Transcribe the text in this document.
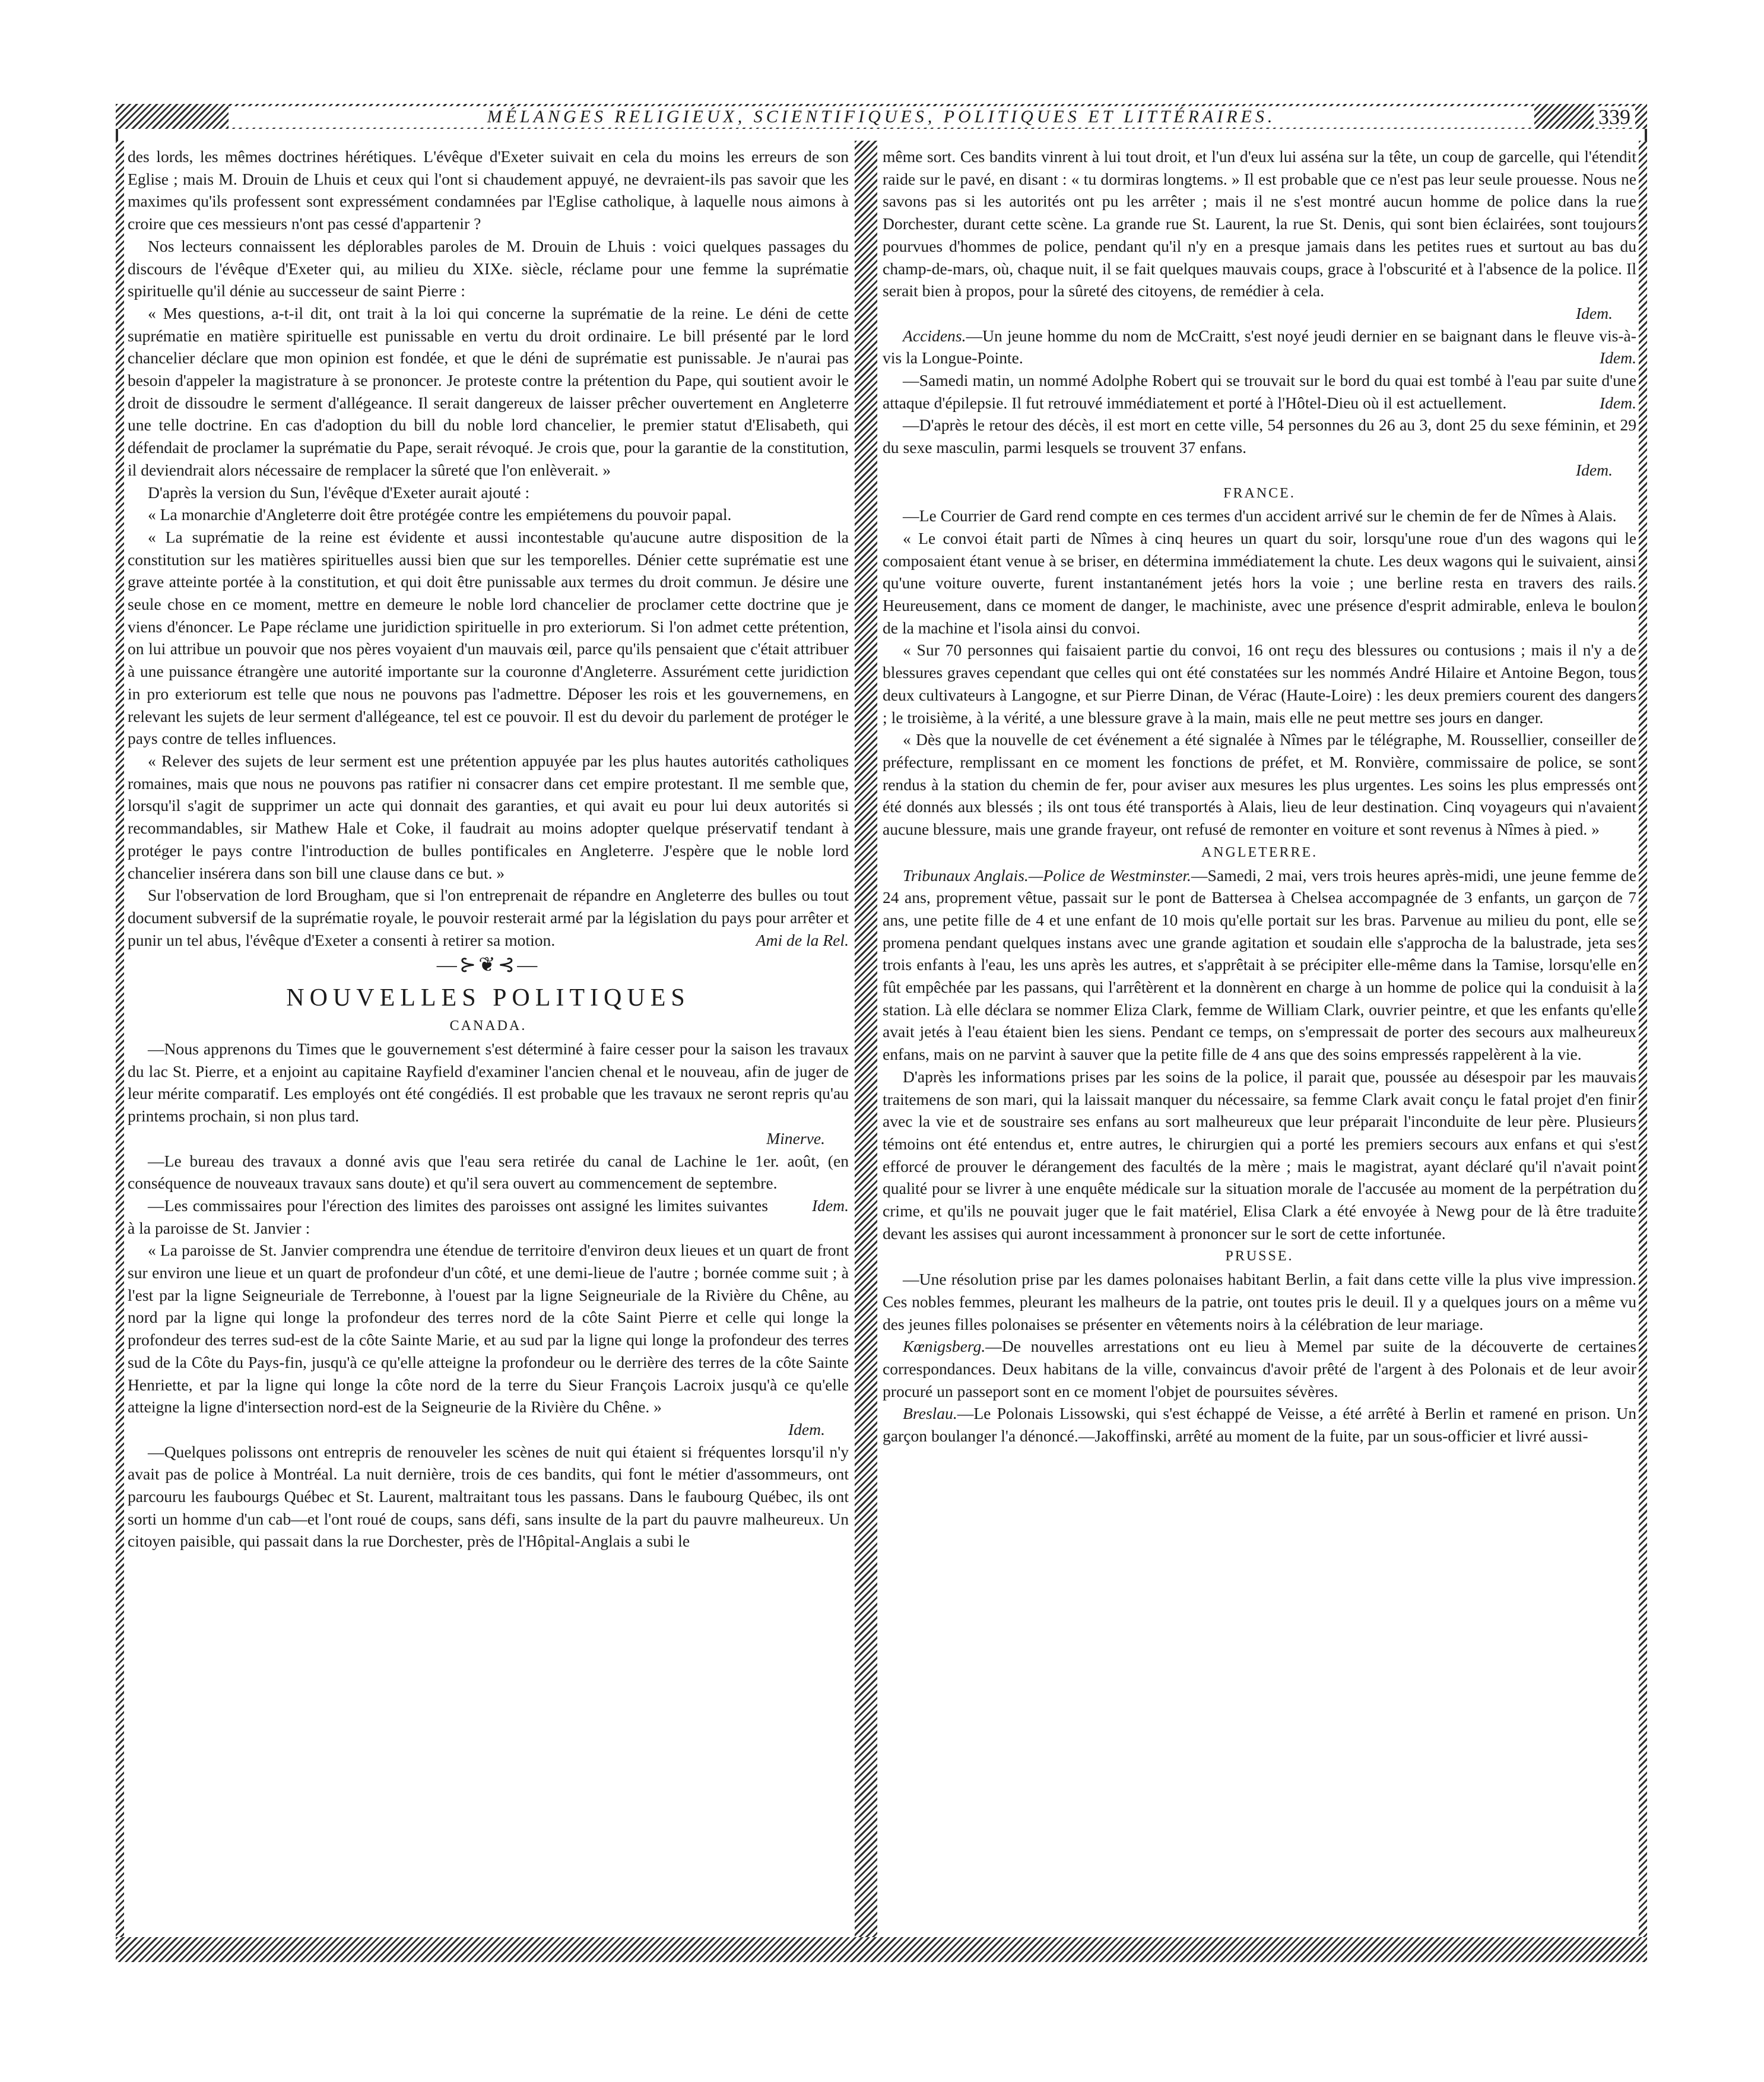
MÉLANGES RELIGIEUX, SCIENTIFIQUES, POLITIQUES ET LITTÉRAIRES.	339

des lords, les mêmes doctrines hérétiques. L'évêque d'Exeter suivait en cela du moins les erreurs de son Eglise ; mais M. Drouin de Lhuis et ceux qui l'ont si chaudement appuyé, ne devraient-ils pas savoir que les maximes qu'ils professent sont expressément condamnées par l'Eglise catholique, à laquelle nous aimons à croire que ces messieurs n'ont pas cessé d'appartenir ?

Nos lecteurs connaissent les déplorables paroles de M. Drouin de Lhuis : voici quelques passages du discours de l'évêque d'Exeter qui, au milieu du XIXe. siècle, réclame pour une femme la suprématie spirituelle qu'il dénie au successeur de saint Pierre :

« Mes questions, a-t-il dit, ont trait à la loi qui concerne la suprématie de la reine. Le déni de cette suprématie en matière spirituelle est punissable en vertu du droit ordinaire. Le bill présenté par le lord chancelier déclare que mon opinion est fondée, et que le déni de suprématie est punissable. Je n'aurai pas besoin d'appeler la magistrature à se prononcer. Je proteste contre la prétention du Pape, qui soutient avoir le droit de dissoudre le serment d'allégeance. Il serait dangereux de laisser prêcher ouvertement en Angleterre une telle doctrine. En cas d'adoption du bill du noble lord chancelier, le premier statut d'Elisabeth, qui défendait de proclamer la suprématie du Pape, serait révoqué. Je crois que, pour la garantie de la constitution, il deviendrait alors nécessaire de remplacer la sûreté que l'on enlèverait. »

D'après la version du Sun, l'évêque d'Exeter aurait ajouté :

« La monarchie d'Angleterre doit être protégée contre les empiétemens du pouvoir papal.

« La suprématie de la reine est évidente et aussi incontestable qu'aucune autre disposition de la constitution sur les matières spirituelles aussi bien que sur les temporelles. Dénier cette suprématie est une grave atteinte portée à la constitution, et qui doit être punissable aux termes du droit commun. Je désire une seule chose en ce moment, mettre en demeure le noble lord chancelier de proclamer cette doctrine que je viens d'énoncer. Le Pape réclame une juridiction spirituelle in pro exteriorum. Si l'on admet cette prétention, on lui attribue un pouvoir que nos pères voyaient d'un mauvais œil, parce qu'ils pensaient que c'était attribuer à une puissance étrangère une autorité importante sur la couronne d'Angleterre. Assurément cette juridiction in pro exteriorum est telle que nous ne pouvons pas l'admettre. Déposer les rois et les gouvernemens, en relevant les sujets de leur serment d'allégeance, tel est ce pouvoir. Il est du devoir du parlement de protéger le pays contre de telles influences.

« Relever des sujets de leur serment est une prétention appuyée par les plus hautes autorités catholiques romaines, mais que nous ne pouvons pas ratifier ni consacrer dans cet empire protestant. Il me semble que, lorsqu'il s'agit de supprimer un acte qui donnait des garanties, et qui avait eu pour lui deux autorités si recommandables, sir Mathew Hale et Coke, il faudrait au moins adopter quelque préservatif tendant à protéger le pays contre l'introduction de bulles pontificales en Angleterre. J'espère que le noble lord chancelier insérera dans son bill une clause dans ce but. »

Sur l'observation de lord Brougham, que si l'on entreprenait de répandre en Angleterre des bulles ou tout document subversif de la suprématie royale, le pouvoir resterait armé par la législation du pays pour arrêter et punir un tel abus, l'évêque d'Exeter a consenti à retirer sa motion.	Ami de la Rel.

—⊱❦⊰—
NOUVELLES POLITIQUES
CANADA.

—Nous apprenons du Times que le gouvernement s'est déterminé à faire cesser pour la saison les travaux du lac St. Pierre, et a enjoint au capitaine Rayfield d'examiner l'ancien chenal et le nouveau, afin de juger de leur mérite comparatif. Les employés ont été congédiés. Il est probable que les travaux ne seront repris qu'au printems prochain, si non plus tard.

Minerve.

—Le bureau des travaux a donné avis que l'eau sera retirée du canal de Lachine le 1er. août, (en conséquence de nouveaux travaux sans doute) et qu'il sera ouvert au commencement de septembre.
Idem.

—Les commissaires pour l'érection des limites des paroisses ont assigné les limites suivantes à la paroisse de St. Janvier :

« La paroisse de St. Janvier comprendra une étendue de territoire d'environ deux lieues et un quart de front sur environ une lieue et un quart de profondeur d'un côté, et une demi-lieue de l'autre ; bornée comme suit ; à l'est par la ligne Seigneuriale de Terrebonne, à l'ouest par la ligne Seigneuriale de la Rivière du Chêne, au nord par la ligne qui longe la profondeur des terres nord de la côte Saint Pierre et celle qui longe la profondeur des terres sud-est de la côte Sainte Marie, et au sud par la ligne qui longe la profondeur des terres sud de la Côte du Pays-fin, jusqu'à ce qu'elle atteigne la profondeur ou le derrière des terres de la côte Sainte Henriette, et par la ligne qui longe la côte nord de la terre du Sieur François Lacroix jusqu'à ce qu'elle atteigne la ligne d'intersection nord-est de la Seigneurie de la Rivière du Chêne. »

Idem.

—Quelques polissons ont entrepris de renouveler les scènes de nuit qui étaient si fréquentes lorsqu'il n'y avait pas de police à Montréal. La nuit dernière, trois de ces bandits, qui font le métier d'assommeurs, ont parcouru les faubourgs Québec et St. Laurent, maltraitant tous les passans. Dans le faubourg Québec, ils ont sorti un homme d'un cab—et l'ont roué de coups, sans défi, sans insulte de la part du pauvre malheureux. Un citoyen paisible, qui passait dans la rue Dorchester, près de l'Hôpital-Anglais a subi le

même sort. Ces bandits vinrent à lui tout droit, et l'un d'eux lui asséna sur la tête, un coup de garcelle, qui l'étendit raide sur le pavé, en disant : « tu dormiras longtems. » Il est probable que ce n'est pas leur seule prouesse. Nous ne savons pas si les autorités ont pu les arrêter ; mais il ne s'est montré aucun homme de police dans la rue Dorchester, durant cette scène. La grande rue St. Laurent, la rue St. Denis, qui sont bien éclairées, sont toujours pourvues d'hommes de police, pendant qu'il n'y en a presque jamais dans les petites rues et surtout au bas du champ-de-mars, où, chaque nuit, il se fait quelques mauvais coups, grace à l'obscurité et à l'absence de la police. Il serait bien à propos, pour la sûreté des citoyens, de remédier à cela.

Idem.

Accidens.—Un jeune homme du nom de McCraitt, s'est noyé jeudi dernier en se baignant dans le fleuve vis-à-vis la Longue-Pointe.	Idem.

—Samedi matin, un nommé Adolphe Robert qui se trouvait sur le bord du quai est tombé à l'eau par suite d'une attaque d'épilepsie. Il fut retrouvé immédiatement et porté à l'Hôtel-Dieu où il est actuellement.	Idem.

—D'après le retour des décès, il est mort en cette ville, 54 personnes du 26 au 3, dont 25 du sexe féminin, et 29 du sexe masculin, parmi lesquels se trouvent 37 enfans.

Idem.
FRANCE.

—Le Courrier de Gard rend compte en ces termes d'un accident arrivé sur le chemin de fer de Nîmes à Alais.

« Le convoi était parti de Nîmes à cinq heures un quart du soir, lorsqu'une roue d'un des wagons qui le composaient étant venue à se briser, en détermina immédiatement la chute. Les deux wagons qui le suivaient, ainsi qu'une voiture ouverte, furent instantanément jetés hors la voie ; une berline resta en travers des rails. Heureusement, dans ce moment de danger, le machiniste, avec une présence d'esprit admirable, enleva le boulon de la machine et l'isola ainsi du convoi.

« Sur 70 personnes qui faisaient partie du convoi, 16 ont reçu des blessures ou contusions ; mais il n'y a de blessures graves cependant que celles qui ont été constatées sur les nommés André Hilaire et Antoine Begon, tous deux cultivateurs à Langogne, et sur Pierre Dinan, de Vérac (Haute-Loire) : les deux premiers courent des dangers ; le troisième, à la vérité, a une blessure grave à la main, mais elle ne peut mettre ses jours en danger.

« Dès que la nouvelle de cet événement a été signalée à Nîmes par le télégraphe, M. Roussellier, conseiller de préfecture, remplissant en ce moment les fonctions de préfet, et M. Ronvière, commissaire de police, se sont rendus à la station du chemin de fer, pour aviser aux mesures les plus urgentes. Les soins les plus empressés ont été donnés aux blessés ; ils ont tous été transportés à Alais, lieu de leur destination. Cinq voyageurs qui n'avaient aucune blessure, mais une grande frayeur, ont refusé de remonter en voiture et sont revenus à Nîmes à pied. »

ANGLETERRE.

Tribunaux Anglais.—Police de Westminster.—Samedi, 2 mai, vers trois heures après-midi, une jeune femme de 24 ans, proprement vêtue, passait sur le pont de Battersea à Chelsea accompagnée de 3 enfants, un garçon de 7 ans, une petite fille de 4 et une enfant de 10 mois qu'elle portait sur les bras. Parvenue au milieu du pont, elle se promena pendant quelques instans avec une grande agitation et soudain elle s'approcha de la balustrade, jeta ses trois enfants à l'eau, les uns après les autres, et s'apprêtait à se précipiter elle-même dans la Tamise, lorsqu'elle en fût empêchée par les passans, qui l'arrêtèrent et la donnèrent en charge à un homme de police qui la conduisit à la station. Là elle déclara se nommer Eliza Clark, femme de William Clark, ouvrier peintre, et que les enfants qu'elle avait jetés à l'eau étaient bien les siens. Pendant ce temps, on s'empressait de porter des secours aux malheureux enfans, mais on ne parvint à sauver que la petite fille de 4 ans que des soins empressés rappelèrent à la vie.

D'après les informations prises par les soins de la police, il parait que, poussée au désespoir par les mauvais traitemens de son mari, qui la laissait manquer du nécessaire, sa femme Clark avait conçu le fatal projet d'en finir avec la vie et de soustraire ses enfans au sort malheureux que leur préparait l'inconduite de leur père. Plusieurs témoins ont été entendus et, entre autres, le chirurgien qui a porté les premiers secours aux enfans et qui s'est efforcé de prouver le dérangement des facultés de la mère ; mais le magistrat, ayant déclaré qu'il n'avait point qualité pour se livrer à une enquête médicale sur la situation morale de l'accusée au moment de la perpétration du crime, et qu'ils ne pouvait juger que le fait matériel, Elisa Clark a été envoyée à Newg pour de là être traduite devant les assises qui auront incessamment à prononcer sur le sort de cette infortunée.

PRUSSE.

—Une résolution prise par les dames polonaises habitant Berlin, a fait dans cette ville la plus vive impression. Ces nobles femmes, pleurant les malheurs de la patrie, ont toutes pris le deuil. Il y a quelques jours on a même vu des jeunes filles polonaises se présenter en vêtements noirs à la célébration de leur mariage.

Kœnigsberg.—De nouvelles arrestations ont eu lieu à Memel par suite de la découverte de certaines correspondances. Deux habitans de la ville, convaincus d'avoir prêté de l'argent à des Polonais et de leur avoir procuré un passeport sont en ce moment l'objet de poursuites sévères.

Breslau.—Le Polonais Lissowski, qui s'est échappé de Veisse, a été arrêté à Berlin et ramené en prison. Un garçon boulanger l'a dénoncé.—Jakoffinski, arrêté au moment de la fuite, par un sous-officier et livré aussi-
